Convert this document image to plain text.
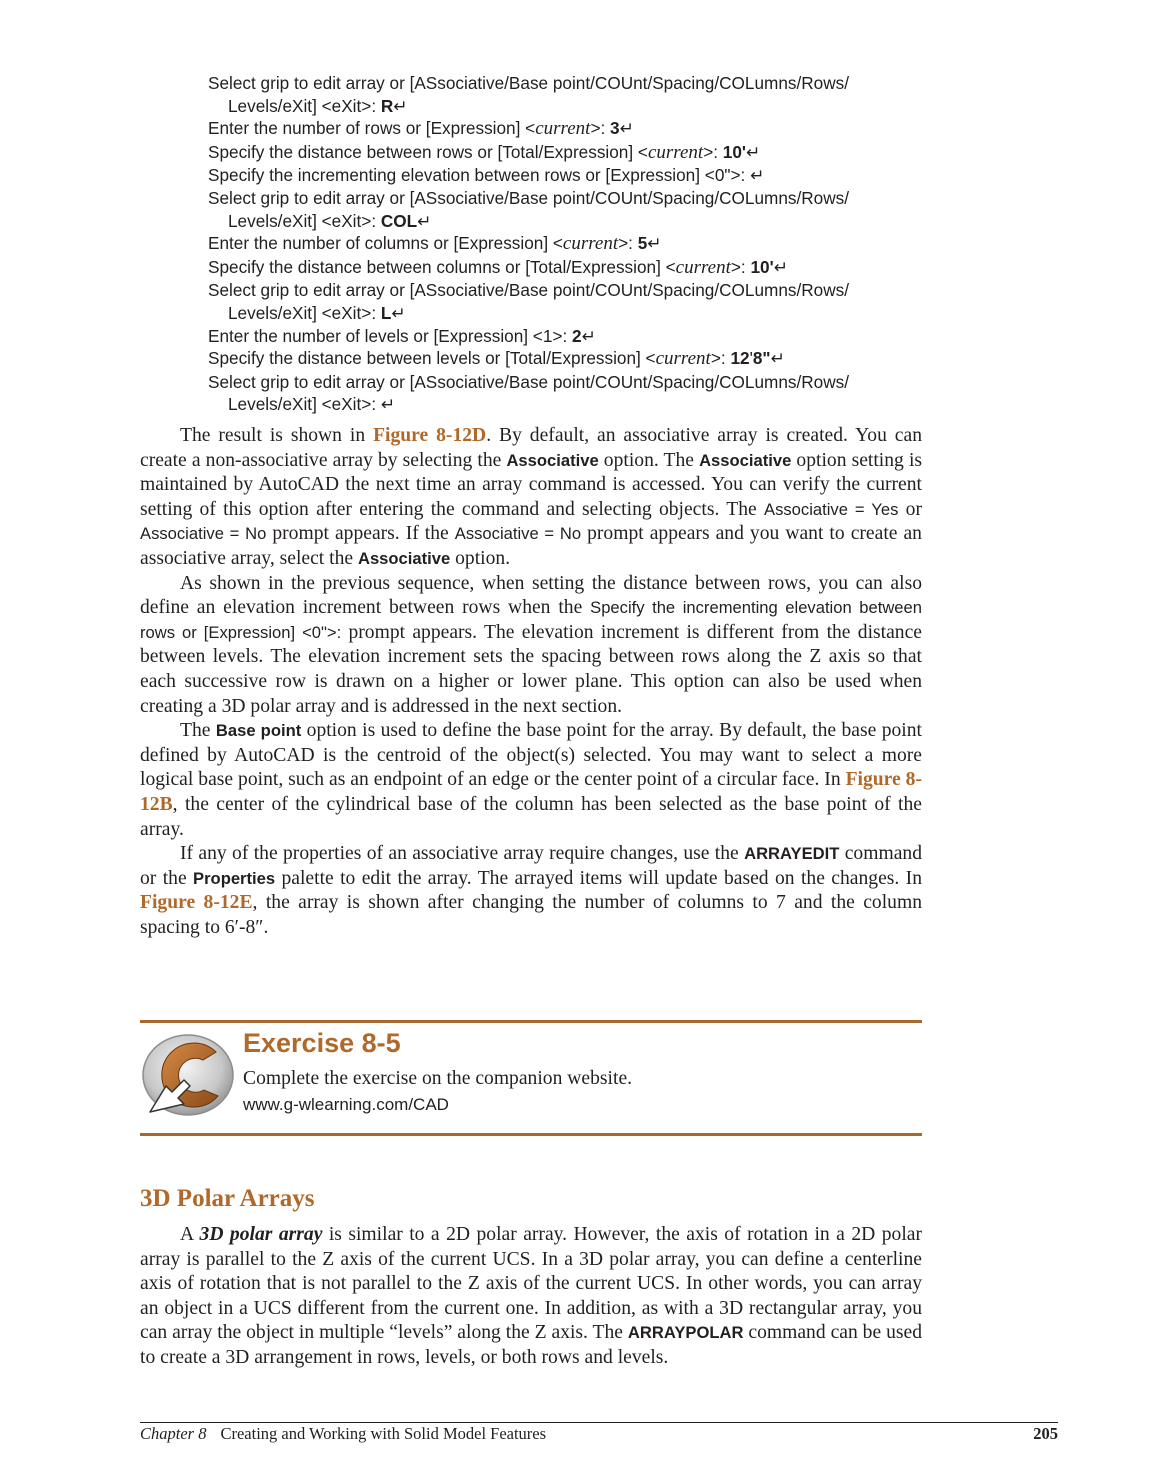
Select grip to edit array or [ASsociative/Base point/COUnt/Spacing/COLumns/Rows/
Levels/eXit] <eXit>: R↵
Enter the number of rows or [Expression] <current>: 3↵
Specify the distance between rows or [Total/Expression] <current>: 10'↵
Specify the incrementing elevation between rows or [Expression] <0">: ↵
Select grip to edit array or [ASsociative/Base point/COUnt/Spacing/COLumns/Rows/
Levels/eXit] <eXit>: COL↵
Enter the number of columns or [Expression] <current>: 5↵
Specify the distance between columns or [Total/Expression] <current>: 10'↵
Select grip to edit array or [ASsociative/Base point/COUnt/Spacing/COLumns/Rows/
Levels/eXit] <eXit>: L↵
Enter the number of levels or [Expression] <1>: 2↵
Specify the distance between levels or [Total/Expression] <current>: 12'8"↵
Select grip to edit array or [ASsociative/Base point/COUnt/Spacing/COLumns/Rows/
Levels/eXit] <eXit>: ↵

The result is shown in Figure 8-12D. By default, an associative array is created. You can create a non-associative array by selecting the Associative option. The Associative option setting is maintained by AutoCAD the next time an array command is accessed. You can verify the current setting of this option after entering the command and selecting objects. The Associative = Yes or Associative = No prompt appears. If the Associative = No prompt appears and you want to create an associative array, select the Associative option.

As shown in the previous sequence, when setting the distance between rows, you can also define an elevation increment between rows when the Specify the incrementing elevation between rows or [Expression] <0">: prompt appears. The elevation increment is different from the distance between levels. The elevation increment sets the spacing between rows along the Z axis so that each successive row is drawn on a higher or lower plane. This option can also be used when creating a 3D polar array and is addressed in the next section.

The Base point option is used to define the base point for the array. By default, the base point defined by AutoCAD is the centroid of the object(s) selected. You may want to select a more logical base point, such as an endpoint of an edge or the center point of a circular face. In Figure 8-12B, the center of the cylindrical base of the column has been selected as the base point of the array.

If any of the properties of an associative array require changes, use the ARRAYEDIT command or the Properties palette to edit the array. The arrayed items will update based on the changes. In Figure 8-12E, the array is shown after changing the number of columns to 7 and the column spacing to 6′-8″.

Exercise 8-5
Complete the exercise on the companion website.
www.g-wlearning.com/CAD
3D Polar Arrays

A 3D polar array is similar to a 2D polar array. However, the axis of rotation in a 2D polar array is parallel to the Z axis of the current UCS. In a 3D polar array, you can define a centerline axis of rotation that is not parallel to the Z axis of the current UCS. In other words, you can array an object in a UCS different from the current one. In addition, as with a 3D rectangular array, you can array the object in multiple “levels” along the Z axis. The ARRAYPOLAR command can be used to create a 3D arrangement in rows, levels, or both rows and levels.

Chapter 8 Creating and Working with Solid Model Features	205
